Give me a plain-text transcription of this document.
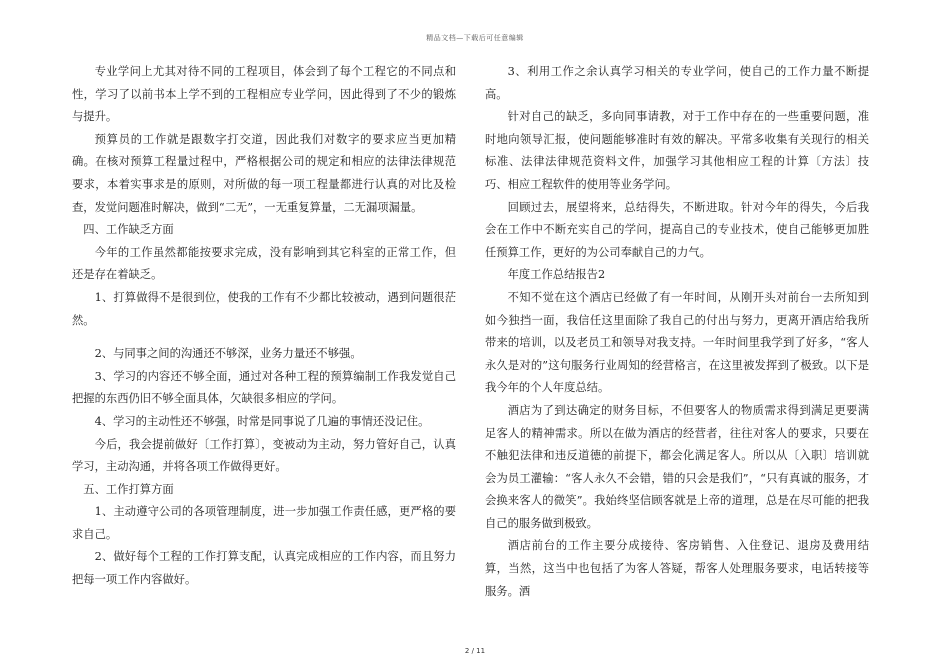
精品文档—下载后可任意编辑

专业学问上尤其对待不同的工程项目，体会到了每个工程它的不同点和性，学习了以前书本上学不到的工程相应专业学问，因此得到了不少的锻炼与提升。

预算员的工作就是跟数字打交道，因此我们对数字的要求应当更加精确。在核对预算工程量过程中，严格根据公司的规定和相应的法律法律规范要求，本着实事求是的原则，对所做的每一项工程量都进行认真的对比及检查，发觉问题准时解决，做到“二无”，一无重复算量，二无漏项漏量。

四、工作缺乏方面

今年的工作虽然都能按要求完成，没有影响到其它科室的正常工作，但还是存在着缺乏。

1、打算做得不是很到位，使我的工作有不少都比较被动，遇到问题很茫然。

2、与同事之间的沟通还不够深，业务力量还不够强。

3、学习的内容还不够全面，通过对各种工程的预算编制工作我发觉自己把握的东西仍旧不够全面具体，欠缺很多相应的学问。

4、学习的主动性还不够强，时常是同事说了几遍的事情还没记住。

今后，我会提前做好〔工作打算〕，变被动为主动，努力管好自己，认真学习，主动沟通，并将各项工作做得更好。

五、工作打算方面

1、主动遵守公司的各项管理制度，进一步加强工作责任感，更严格的要求自己。

2、做好每个工程的工作打算支配，认真完成相应的工作内容，而且努力把每一项工作内容做好。

3、利用工作之余认真学习相关的专业学问，使自己的工作力量不断提高。

针对自己的缺乏，多向同事请教，对于工作中存在的一些重要问题，准时地向领导汇报，使问题能够准时有效的解决。平常多收集有关现行的相关标准、法律法律规范资料文件，加强学习其他相应工程的计算〔方法〕技巧、相应工程软件的使用等业务学问。

回顾过去，展望将来，总结得失，不断进取。针对今年的得失，今后我会在工作中不断充实自己的学问，提高自己的专业技术，使自己能够更加胜任预算工作，更好的为公司奉献自己的力气。

年度工作总结报告2

不知不觉在这个酒店已经做了有一年时间，从刚开头对前台一去所知到如今独挡一面，我信任这里面除了我自己的付出与努力，更离开酒店给我所带来的培训，以及老员工和领导对我支持。一年时间里我学到了好多，“客人永久是对的”这句服务行业周知的经营格言，在这里被发挥到了极致。以下是我今年的个人年度总结。

酒店为了到达确定的财务目标，不但要客人的物质需求得到满足更要满足客人的精神需求。所以在做为酒店的经营者，往往对客人的要求，只要在不触犯法律和违反道德的前提下，都会化满足客人。所以从〔入职〕培训就会为员工灌输：“客人永久不会错，错的只会是我们”，“只有真诚的服务，才会换来客人的微笑”。我始终坚信顾客就是上帝的道理，总是在尽可能的把我自己的服务做到极致。

酒店前台的工作主要分成接待、客房销售、入住登记、退房及费用结算，当然，这当中也包括了为客人答疑，帮客人处理服务要求，电话转接等服务。酒

2 / 11
